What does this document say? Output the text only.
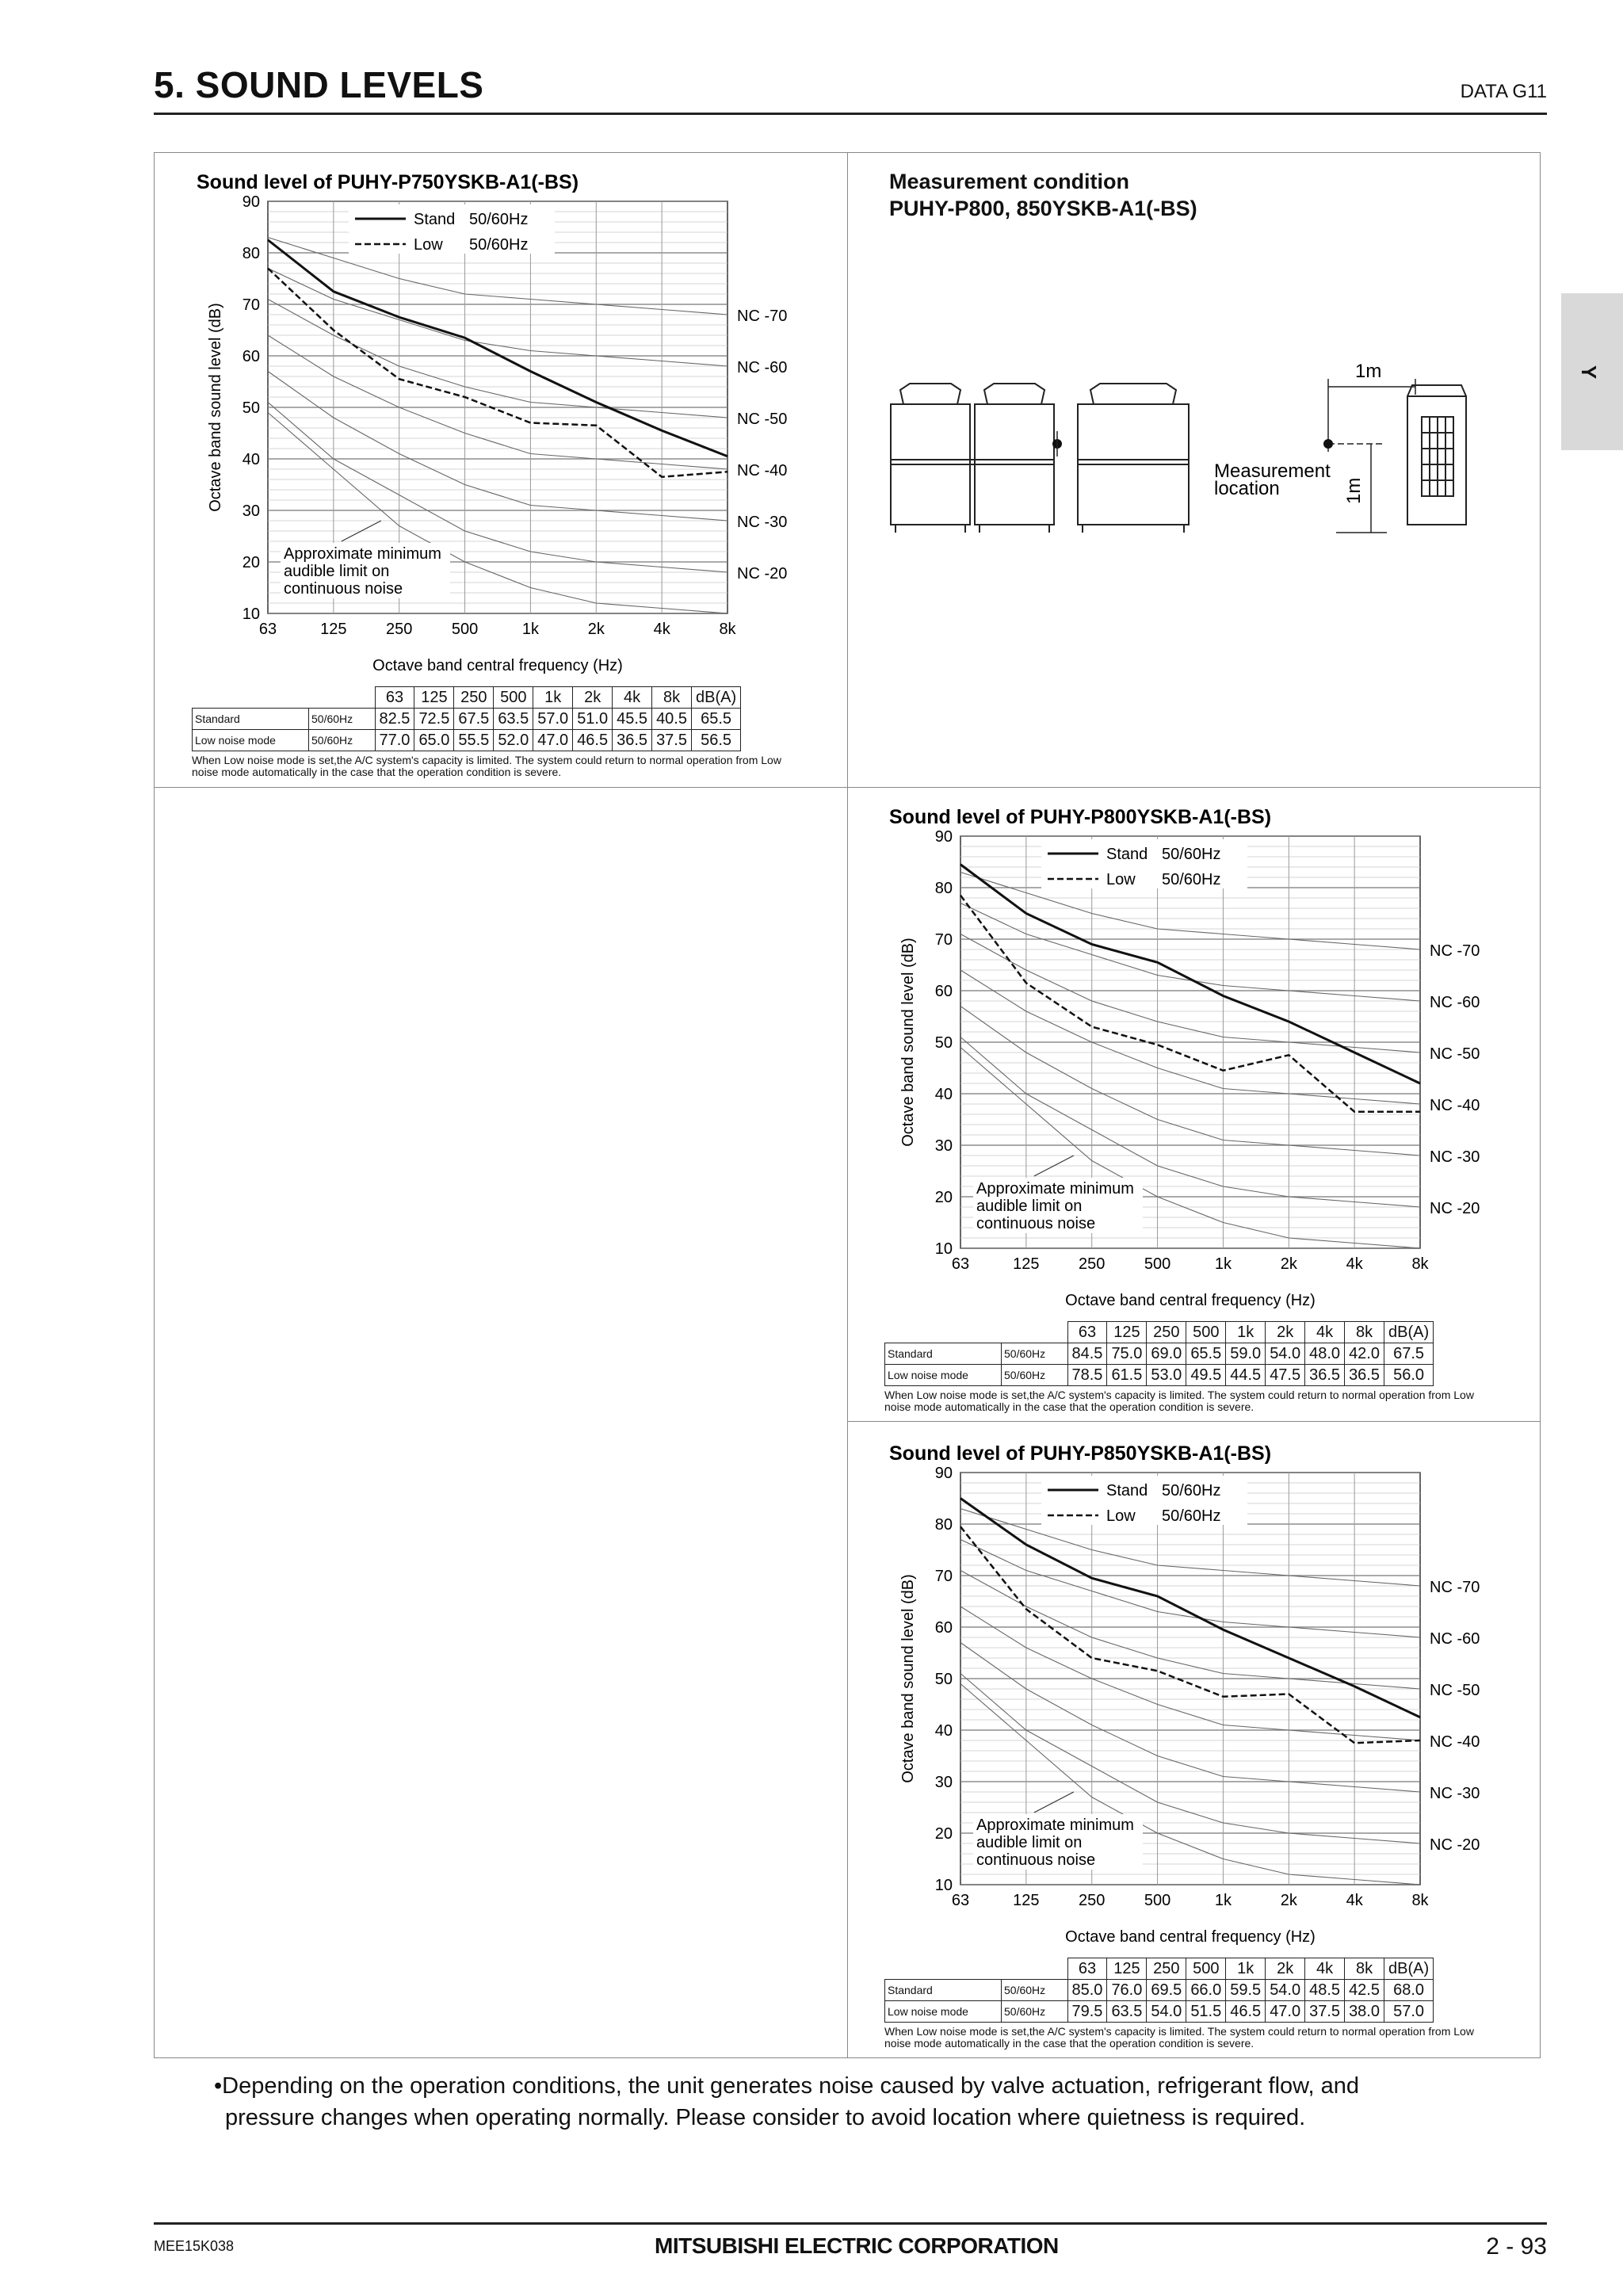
5. SOUND LEVELS	DATA G11
Y
Measurement condition
PUHY-P800, 850YSKB-A1(-BS)
1m
1m
Measurement
location
Sound level of PUHY-P750YSKB-A1(-BS)
NC -70
NC -60
NC -50
NC -40
NC -30
NC -20
90
80
70
60
50
40
30
20
10
63	125 250 500	1k	2k	4k	8k
Octave band sound level (dB)
Octave band central frequency (Hz)
Stand 50/60Hz
Low 50/60Hz
Approximate minimum
audible limit on
continuous noise
Sound level of PUHY-P800YSKB-A1(-BS)
NC -70
NC -60
NC -50
NC -40
NC -30
NC -20
90
80
70
60
50
40
30
20
10
63	125 250 500	1k	2k	4k	8k
Octave band sound level (dB)
Octave band central frequency (Hz)
Stand 50/60Hz
Low 50/60Hz
Approximate minimum
audible limit on
continuous noise
Sound level of PUHY-P850YSKB-A1(-BS)
NC -70
NC -60
NC -50
NC -40
NC -30
NC -20
90
80
70
60
50
40
30
20
10
63	125 250 500	1k	2k	4k	8k
Octave band sound level (dB)
Octave band central frequency (Hz)
Stand 50/60Hz
Low 50/60Hz
Approximate minimum
audible limit on
continuous noise
•Depending on the operation conditions, the unit generates noise caused by valve actuation, refrigerant flow, and
pressure changes when operating normally. Please consider to avoid location where quietness is required.
MEE15K038	MITSUBISHI ELECTRIC CORPORATION	2 - 93
		63	125	250	500	1k	2k	4k	8k	dB(A)
Standard	50/60Hz	82.5	72.5	67.5	63.5	57.0	51.0	45.5	40.5	65.5
Low noise mode	50/60Hz	77.0	65.0	55.5	52.0	47.0	46.5	36.5	37.5	56.5
When Low noise mode is set,the A/C system's capacity is limited. The system could return to normal operation from Low noise mode automatically in the case that the operation condition is severe.
		63	125	250	500	1k	2k	4k	8k	dB(A)
Standard	50/60Hz	84.5	75.0	69.0	65.5	59.0	54.0	48.0	42.0	67.5
Low noise mode	50/60Hz	78.5	61.5	53.0	49.5	44.5	47.5	36.5	36.5	56.0
When Low noise mode is set,the A/C system's capacity is limited. The system could return to normal operation from Low noise mode automatically in the case that the operation condition is severe.
		63	125	250	500	1k	2k	4k	8k	dB(A)
Standard	50/60Hz	85.0	76.0	69.5	66.0	59.5	54.0	48.5	42.5	68.0
Low noise mode	50/60Hz	79.5	63.5	54.0	51.5	46.5	47.0	37.5	38.0	57.0
When Low noise mode is set,the A/C system's capacity is limited. The system could return to normal operation from Low noise mode automatically in the case that the operation condition is severe.
